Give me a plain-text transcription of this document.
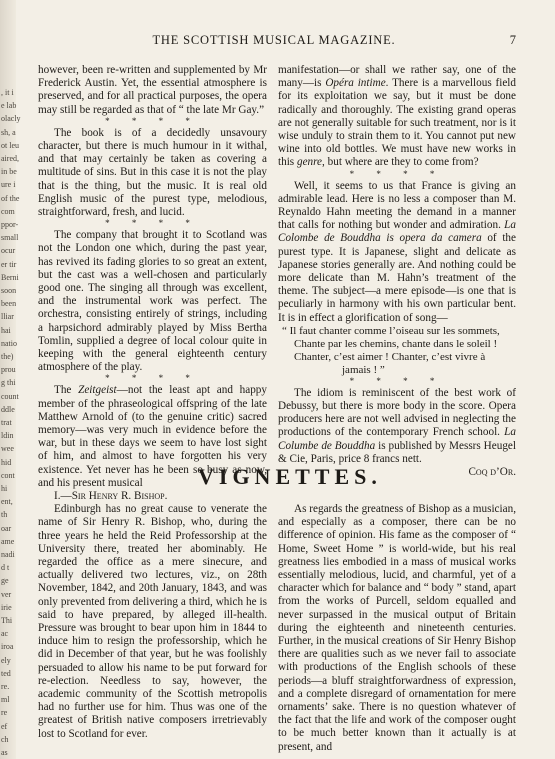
, it i
e lab
olacly
sh, a
ot leu
aired,
in be
ure i
of the
com
ppor-
small
ocur
er tir
Berni
soon
been
lliar
hai
natio
the)
prou
g thi
count
ddle
trat
ldin
wee
hid
cont
hi
ent,
th
oar
ame
nadi
d t
ge
ver
irie
Thi
ac
iroa
ely
ted
re.
ml
re
ef
ch
as
THE SCOTTISH MUSICAL MAGAZINE.	7

however, been re-written and supplemented by Mr Frederick Austin. Yet, the essential atmosphere is preserved, and for all practical purposes, the opera may still be regarded as that of “ the late Mr Gay.”

* * * *

The book is of a decidedly unsavoury character, but there is much humour in it withal, and that may certainly be taken as covering a multitude of sins. But in this case it is not the play that is the thing, but the music. It is real old English music of the purest type, melodious, straightforward, fresh, and lucid.

* * * *

The company that brought it to Scotland was not the London one which, during the past year, has revived its fading glories to so great an extent, but the cast was a well-chosen and particularly good one. The singing all through was excellent, and the instrumental work was perfect. The orchestra, consisting entirely of strings, including a harpsichord admirably played by Miss Bertha Tomlin, supplied a degree of local colour quite in keeping with the general eighteenth century atmosphere of the play.

* * * *

The Zeitgeist—not the least apt and happy member of the phraseological offspring of the late Matthew Arnold of (to the genuine critic) sacred memory—was very much in evidence before the war, but in these days we seem to have lost sight of him, and almost to have forgotten his very existence. Yet never has he been so busy as now, and his present musical

manifestation—or shall we rather say, one of the many—is Opéra intime. There is a marvellous field for its exploitation we say, but it must be done radically and thoroughly. The existing grand operas are not generally suitable for such treatment, nor is it wise unduly to strain them to it. You cannot put new wine into old bottles. We must have new works in this genre, but where are they to come from?

* * * *

Well, it seems to us that France is giving an admirable lead. Here is no less a composer than M. Reynaldo Hahn meeting the demand in a manner that calls for nothing but wonder and admiration. La Colombe de Bouddha is opera da camera of the purest type. It is Japanese, slight and delicate as Japanese stories generally are. And nothing could be more delicate than M. Hahn’s treatment of the theme. The subject—a mere episode—is one that is peculiarly in harmony with his own particular bent. It is in effect a glorification of song—

“ Il faut chanter comme l’oiseau sur les sommets,
Chante par les chemins, chante dans le soleil !
Chanter, c’est aimer ! Chanter, c’est vivre à
jamais ! ”
* * * *

The idiom is reminiscent of the best work of Debussy, but there is more body in the score. Opera producers here are not well advised in neglecting the productions of the contemporary French school. La Columbe de Bouddha is published by Messrs Heugel & Cie, Paris, price 8 francs nett.

Coq d’Or.

VIGNETTES.

I.—Sir Henry R. Bishop.

Edinburgh has no great cause to venerate the name of Sir Henry R. Bishop, who, during the three years he held the Reid Professorship at the University there, treated her abominably. He regarded the office as a mere sinecure, and actually delivered two lectures, viz., on 28th November, 1842, and 20th January, 1843, and was only prevented from delivering a third, which he is said to have prepared, by alleged ill-health. Pressure was brought to bear upon him in 1844 to induce him to resign the professorship, which he did in December of that year, but he was foolishly persuaded to allow his name to be put forward for re-election. Needless to say, however, the academic community of the Scottish metropolis had no further use for him. Thus was one of the greatest of British native composers irretrievably lost to Scotland for ever.

As regards the greatness of Bishop as a musician, and especially as a composer, there can be no difference of opinion. His fame as the composer of “ Home, Sweet Home ” is world-wide, but his real greatness lies embodied in a mass of musical works essentially melodious, lucid, and charmful, yet of a character which for balance and “ body ” stand, apart from the works of Purcell, seldom equalled and never surpassed in the musical output of Britain during the eighteenth and nineteenth centuries. Further, in the musical creations of Sir Henry Bishop there are qualities such as we never fail to associate with productions of the English schools of these periods—a bluff straightforwardness of expression, and a complete disregard of ornamentation for mere ornaments’ sake. There is no question whatever of the fact that the life and work of the composer ought to be much better known than it actually is at present, and
